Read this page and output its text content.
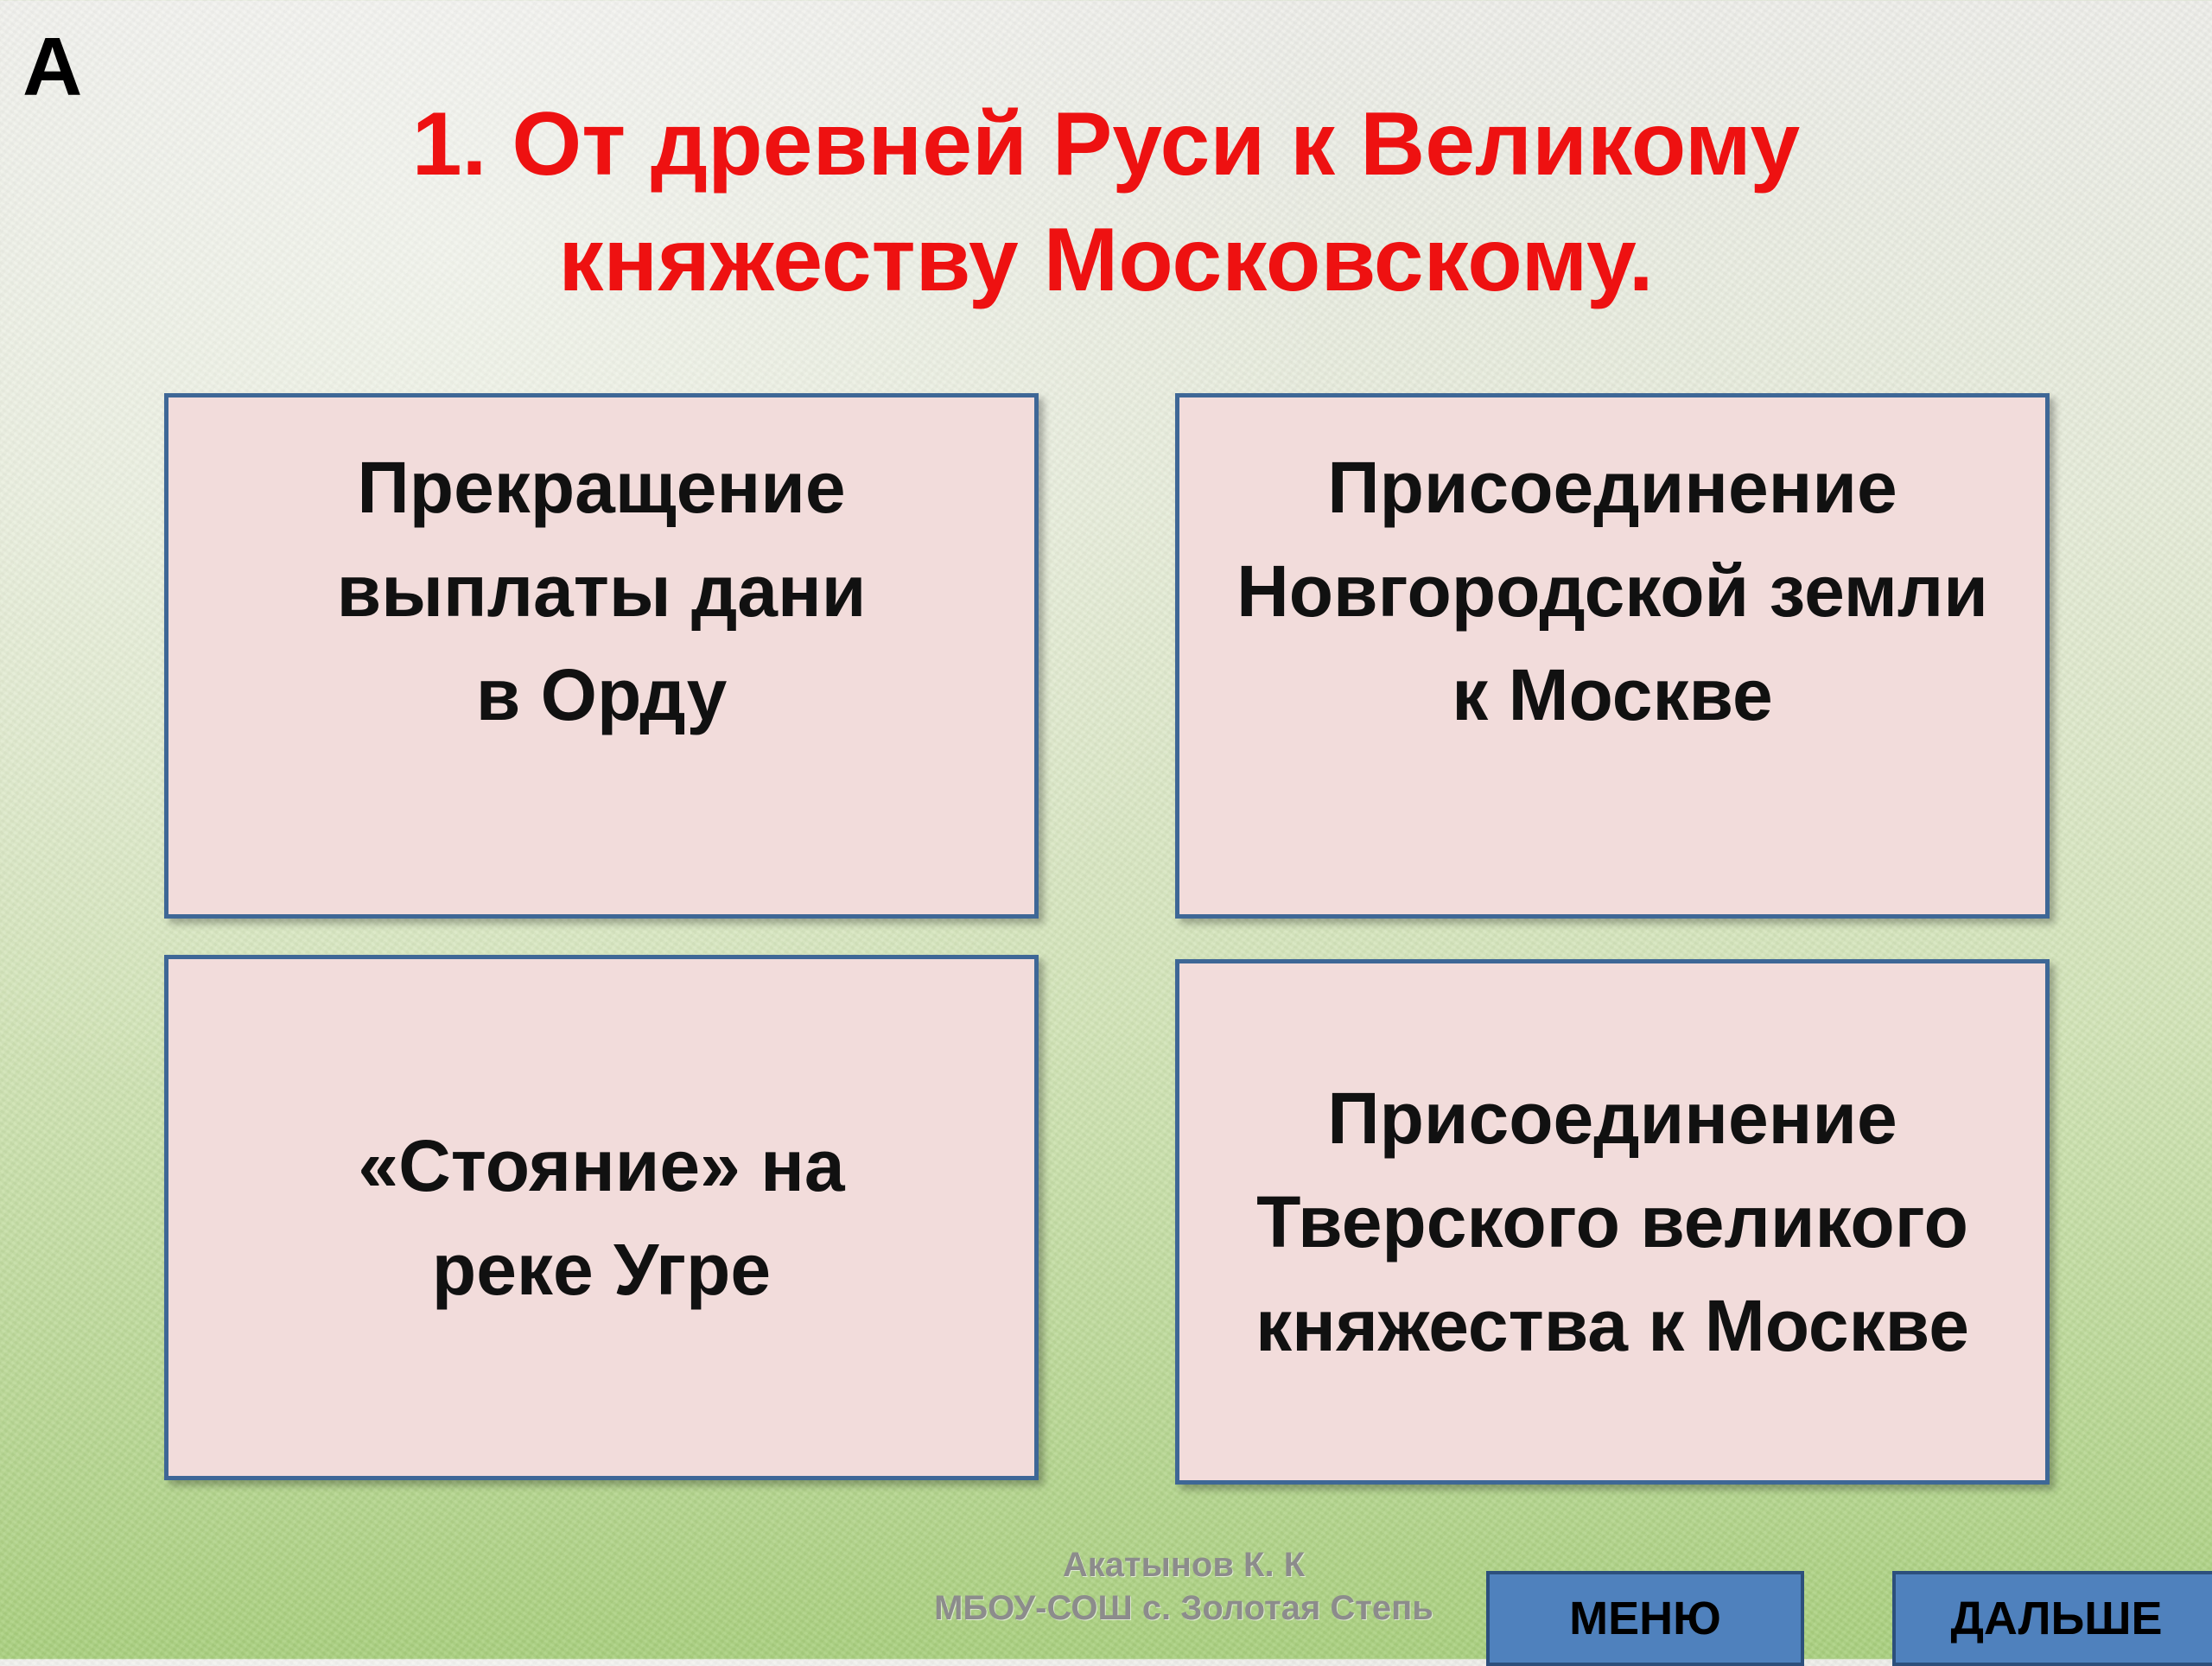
А
1. От древней Руси к Великому
княжеству Московскому.
Прекращение
выплаты дани
в Орду
Присоединение
Новгородской земли
к Москве
«Стояние» на
реке Угре
Присоединение
Тверского великого
княжества к Москве
Акатынов К. К
МБОУ-СОШ с. Золотая Степь	МЕНЮ	ДАЛЬШЕ
